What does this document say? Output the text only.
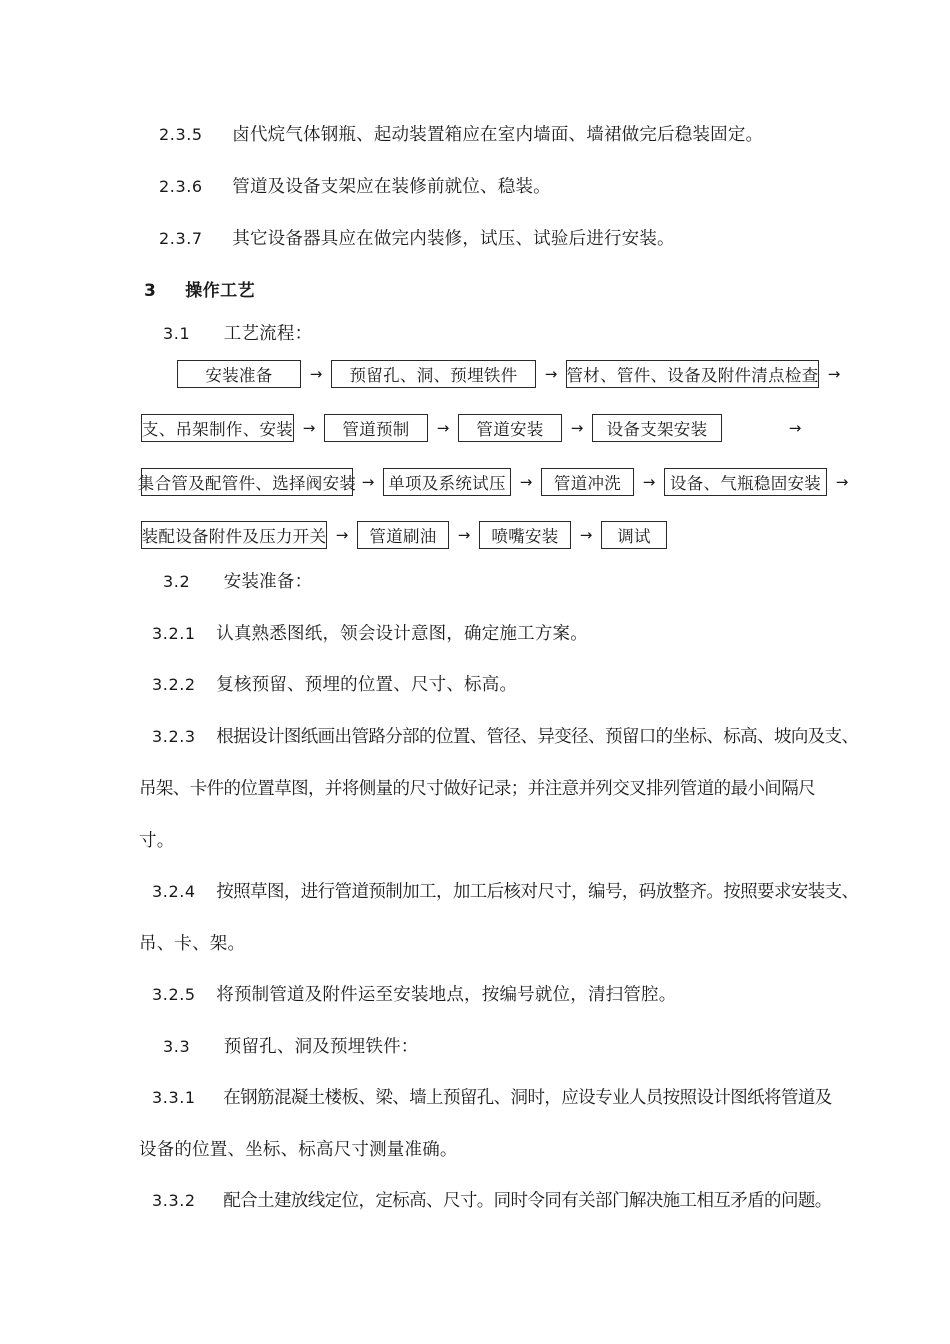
2.3.5 卤代烷气体钢瓶、起动装置箱应在室内墙面、墙裙做完后稳装固定。
2.3.6 管道及设备支架应在装修前就位、稳装。
2.3.7 其它设备器具应在做完内装修，试压、试验后进行安装。
3 操作工艺
3.1 工艺流程：
安装准备	→	预留孔、洞、预埋铁件	→ 管材、管件、设备及附件清点检查 →
支、吊架制作、安装 →	管道预制	→	管道安装	→	设备支架安装	→
集合管及配管件、选择阀安装 → 单项及系统试压 →	管道冲洗	→ 设备、气瓶稳固安装 →
装配设备附件及压力开关 →	管道刷油	→	喷嘴安装	→	调试
3.2 安装准备：
3.2.1 认真熟悉图纸，领会设计意图，确定施工方案。
3.2.2 复核预留、预埋的位置、尺寸、标高。
3.2.3 根据设计图纸画出管路分部的位置、管径、异变径、预留口的坐标、标高、坡向及支、
吊架、卡件的位置草图，并将侧量的尺寸做好记录；并注意并列交叉排列管道的最小间隔尺
寸。
3.2.4 按照草图，进行管道预制加工，加工后核对尺寸，编号，码放整齐。按照要求安装支、
吊、卡、架。
3.2.5 将预制管道及附件运至安装地点，按编号就位，清扫管腔。
3.3 预留孔、洞及预埋铁件：
3.3.1 在钢筋混凝土楼板、梁、墙上预留孔、洞时，应设专业人员按照设计图纸将管道及
设备的位置、坐标、标高尺寸测量准确。
3.3.2 配合土建放线定位，定标高、尺寸。同时令同有关部门解决施工相互矛盾的问题。
